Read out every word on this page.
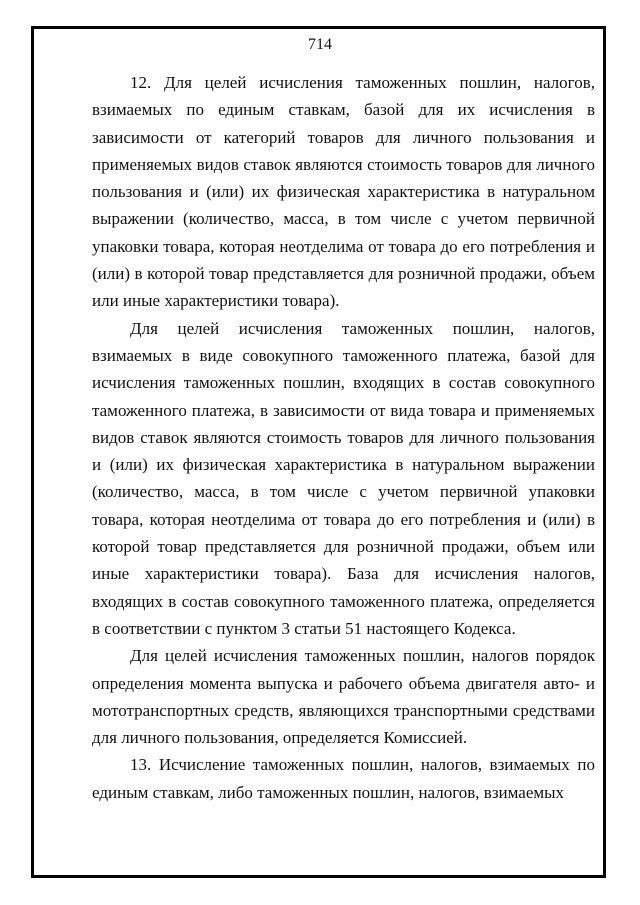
714

12. Для целей исчисления таможенных пошлин, налогов, взимаемых по единым ставкам, базой для их исчисления в зависимости от категорий товаров для личного пользования и применяемых видов ставок являются стоимость товаров для личного пользования и (или) их физическая характеристика в натуральном выражении (количество, масса, в том числе с учетом первичной упаковки товара, которая неотделима от товара до его потребления и (или) в которой товар представляется для розничной продажи, объем или иные характеристики товара).

Для целей исчисления таможенных пошлин, налогов, взимаемых в виде совокупного таможенного платежа, базой для исчисления таможенных пошлин, входящих в состав совокупного таможенного платежа, в зависимости от вида товара и применяемых видов ставок являются стоимость товаров для личного пользования и (или) их физическая характеристика в натуральном выражении (количество, масса, в том числе с учетом первичной упаковки товара, которая неотделима от товара до его потребления и (или) в которой товар представляется для розничной продажи, объем или иные характеристики товара). База для исчисления налогов, входящих в состав совокупного таможенного платежа, определяется в соответствии с пунктом 3 статьи 51 настоящего Кодекса.

Для целей исчисления таможенных пошлин, налогов порядок определения момента выпуска и рабочего объема двигателя авто- и мототранспортных средств, являющихся транспортными средствами для личного пользования, определяется Комиссией.

13. Исчисление таможенных пошлин, налогов, взимаемых по единым ставкам, либо таможенных пошлин, налогов, взимаемых
